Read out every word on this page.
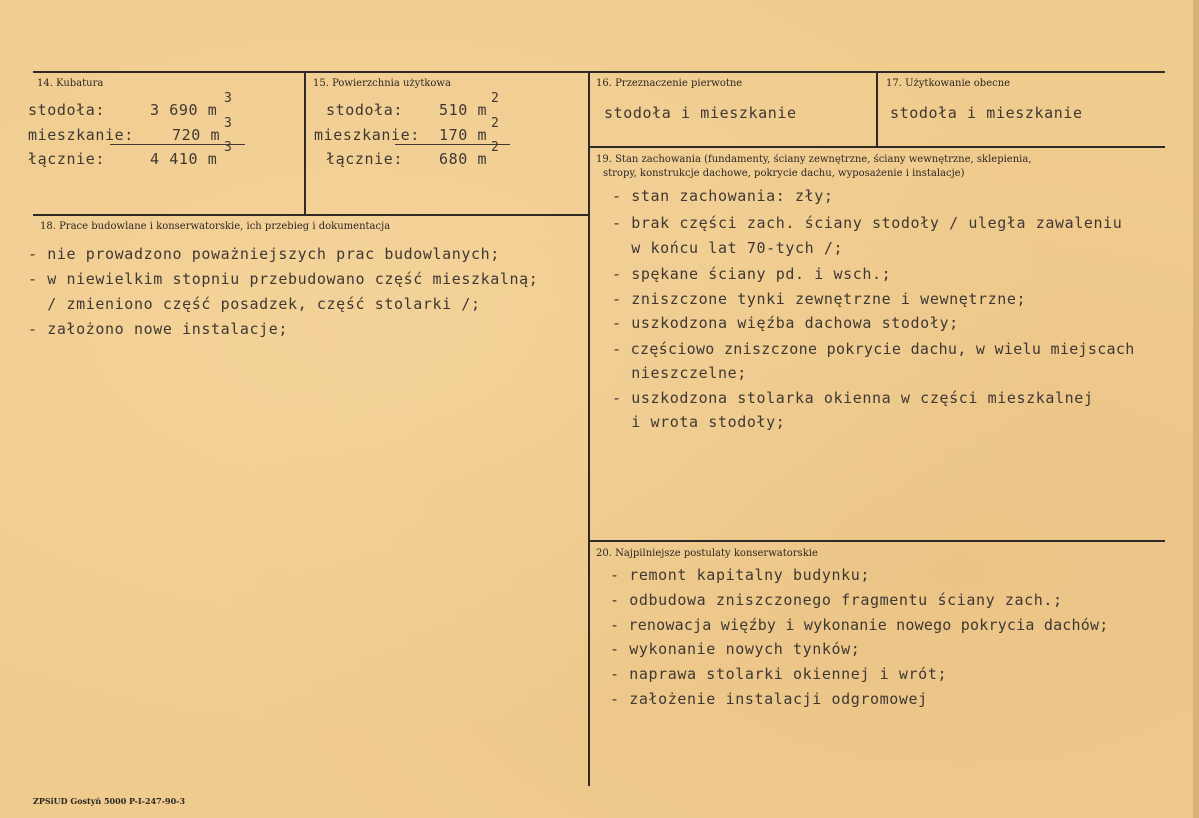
14. Kubatura
stodoła:	3 690 m
3
mieszkanie:	720 m
3
łącznie:	4 410 m
3
15. Powierzchnia użytkowa
stodoła: 510 m
2
mieszkanie: 170 m
2
łącznie: 680 m
2
16. Przeznaczenie pierwotne
stodoła i mieszkanie
17. Użytkowanie obecne
stodoła i mieszkanie
18. Prace budowlane i konserwatorskie, ich przebieg i dokumentacja
- nie prowadzono poważniejszych prac budowlanych;
- w niewielkim stopniu przebudowano część mieszkalną;
/ zmieniono część posadzek, część stolarki /;
- założono nowe instalacje;
19. Stan zachowania (fundamenty, ściany zewnętrzne, ściany wewnętrzne, sklepienia,
stropy, konstrukcje dachowe, pokrycie dachu, wyposażenie i instalacje)
- stan zachowania: zły;
- brak części zach. ściany stodoły / uległa zawaleniu
w końcu lat 70-tych /;
- spękane ściany pd. i wsch.;
- zniszczone tynki zewnętrzne i wewnętrzne;
- uszkodzona więźba dachowa stodoły;
- częściowo zniszczone pokrycie dachu, w wielu miejscach
nieszczelne;
- uszkodzona stolarka okienna w części mieszkalnej
i wrota stodoły;
20. Najpilniejsze postulaty konserwatorskie
- remont kapitalny budynku;
- odbudowa zniszczonego fragmentu ściany zach.;
- renowacja więźby i wykonanie nowego pokrycia dachów;
- wykonanie nowych tynków;
- naprawa stolarki okiennej i wrót;
- założenie instalacji odgromowej
ZPSiUD Gostyń 5000 P-I-247-90-3
